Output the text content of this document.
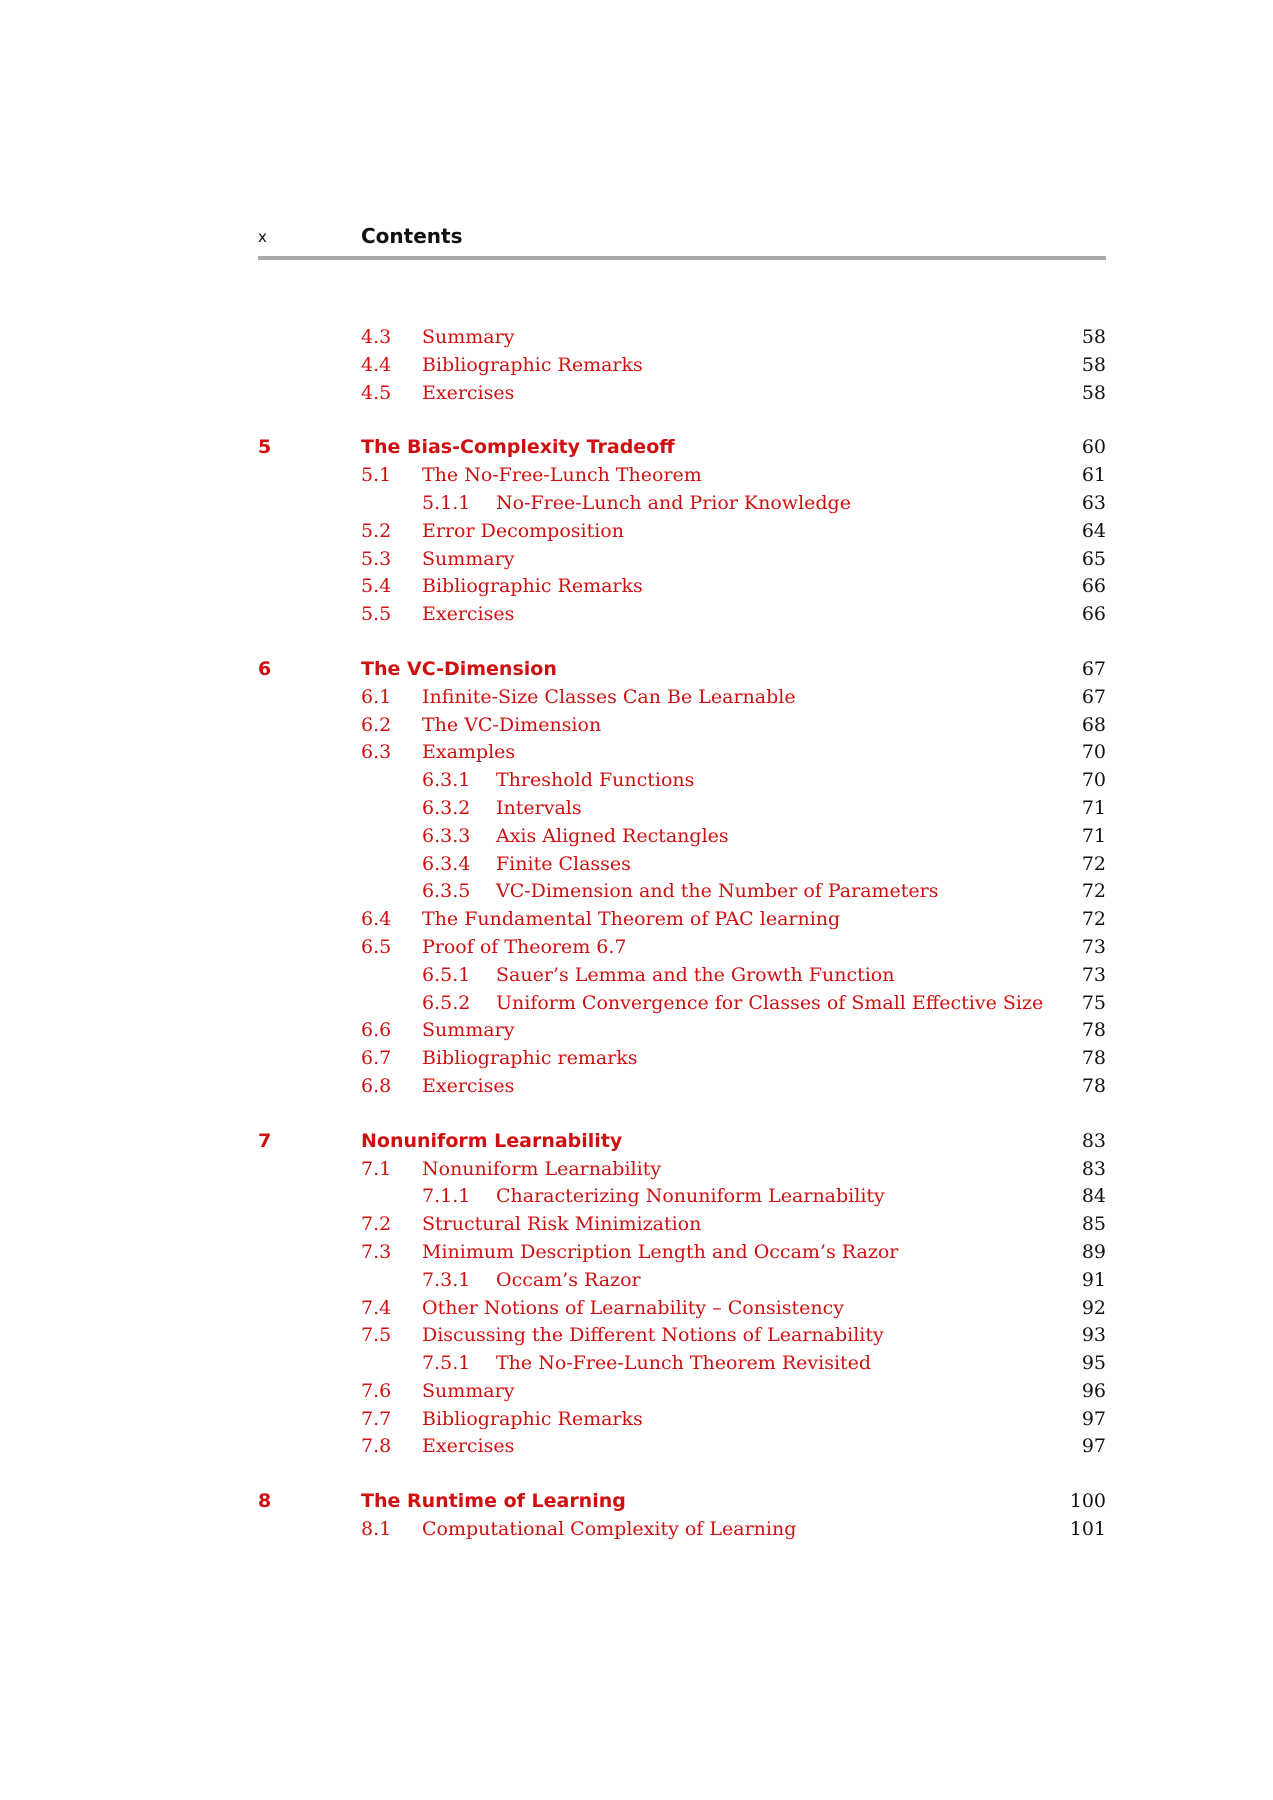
x	Contents
4.3 Summary	58
4.4 Bibliographic Remarks	58
4.5 Exercises	58
5	The Bias-Complexity Tradeoff	60
5.1 The No-Free-Lunch Theorem	61
5.1.1 No-Free-Lunch and Prior Knowledge	63
5.2 Error Decomposition	64
5.3 Summary	65
5.4 Bibliographic Remarks	66
5.5 Exercises	66
6	The VC-Dimension	67
6.1 Infinite-Size Classes Can Be Learnable	67
6.2 The VC-Dimension	68
6.3 Examples	70
6.3.1 Threshold Functions	70
6.3.2 Intervals	71
6.3.3 Axis Aligned Rectangles	71
6.3.4 Finite Classes	72
6.3.5 VC-Dimension and the Number of Parameters	72
6.4 The Fundamental Theorem of PAC learning	72
6.5 Proof of Theorem 6.7	73
6.5.1 Sauer’s Lemma and the Growth Function	73
6.5.2 Uniform Convergence for Classes of Small Effective Size 75
6.6 Summary	78
6.7 Bibliographic remarks	78
6.8 Exercises	78
7	Nonuniform Learnability	83
7.1 Nonuniform Learnability	83
7.1.1 Characterizing Nonuniform Learnability	84
7.2 Structural Risk Minimization	85
7.3 Minimum Description Length and Occam’s Razor	89
7.3.1 Occam’s Razor	91
7.4 Other Notions of Learnability – Consistency	92
7.5 Discussing the Different Notions of Learnability	93
7.5.1 The No-Free-Lunch Theorem Revisited	95
7.6 Summary	96
7.7 Bibliographic Remarks	97
7.8 Exercises	97
8	The Runtime of Learning	100
8.1 Computational Complexity of Learning	101
